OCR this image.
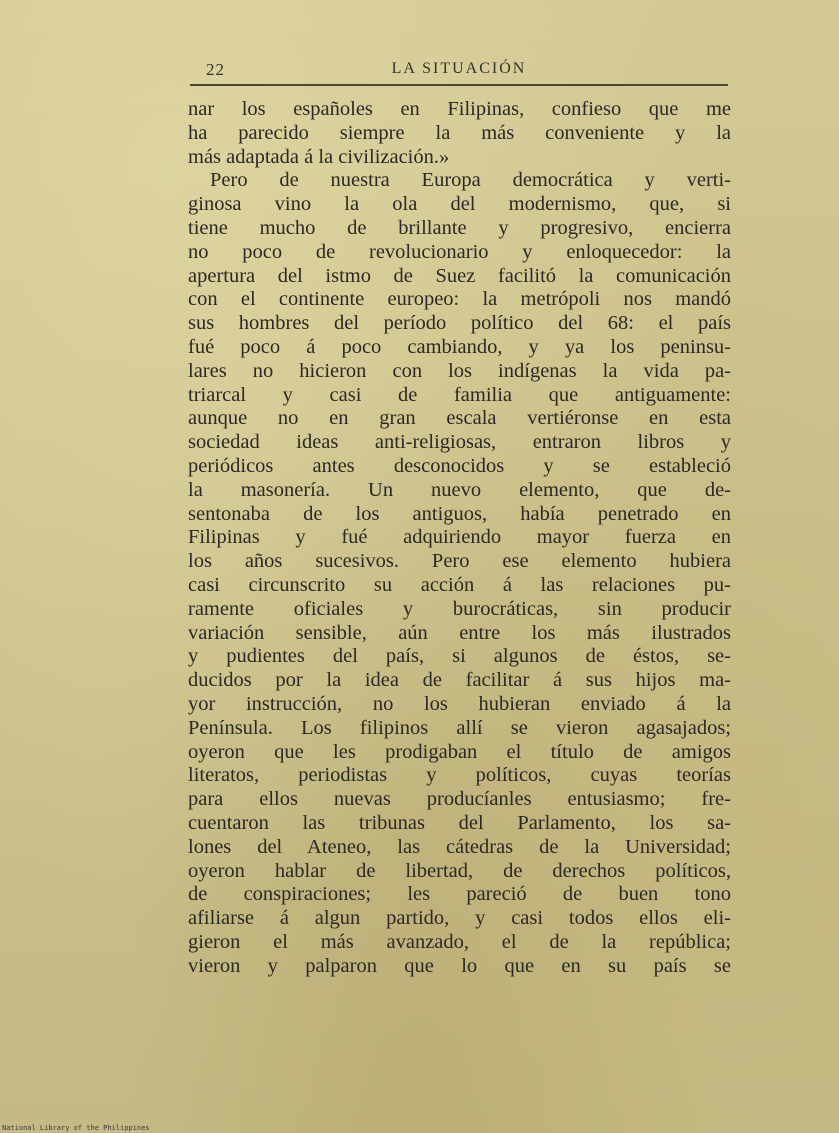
22	LA SITUACIÓN
nar los españoles en Filipinas, confieso que me
ha parecido siempre la más conveniente y la
más adaptada á la civilización.»
Pero de nuestra Europa democrática y verti-
ginosa vino la ola del modernismo, que, si
tiene mucho de brillante y progresivo, encierra
no poco de revolucionario y enloquecedor: la
apertura del istmo de Suez facilitó la comunicación
con el continente europeo: la metrópoli nos mandó
sus hombres del período político del 68: el país
fué poco á poco cambiando, y ya los peninsu-
lares no hicieron con los indígenas la vida pa-
triarcal y casi de familia que antiguamente:
aunque no en gran escala vertiéronse en esta
sociedad ideas anti-religiosas, entraron libros y
periódicos antes desconocidos y se estableció
la masonería. Un nuevo elemento, que de-
sentonaba de los antiguos, había penetrado en
Filipinas y fué adquiriendo mayor fuerza en
los años sucesivos. Pero ese elemento hubiera
casi circunscrito su acción á las relaciones pu-
ramente oficiales y burocráticas, sin producir
variación sensible, aún entre los más ilustrados
y pudientes del país, si algunos de éstos, se-
ducidos por la idea de facilitar á sus hijos ma-
yor instrucción, no los hubieran enviado á la
Península. Los filipinos allí se vieron agasajados;
oyeron que les prodigaban el título de amigos
literatos, periodistas y políticos, cuyas teorías
para ellos nuevas producíanles entusiasmo; fre-
cuentaron las tribunas del Parlamento, los sa-
lones del Ateneo, las cátedras de la Universidad;
oyeron hablar de libertad, de derechos políticos,
de conspiraciones; les pareció de buen tono
afiliarse á algun partido, y casi todos ellos eli-
gieron el más avanzado, el de la república;
vieron y palparon que lo que en su país se
National Library of the Philippines
